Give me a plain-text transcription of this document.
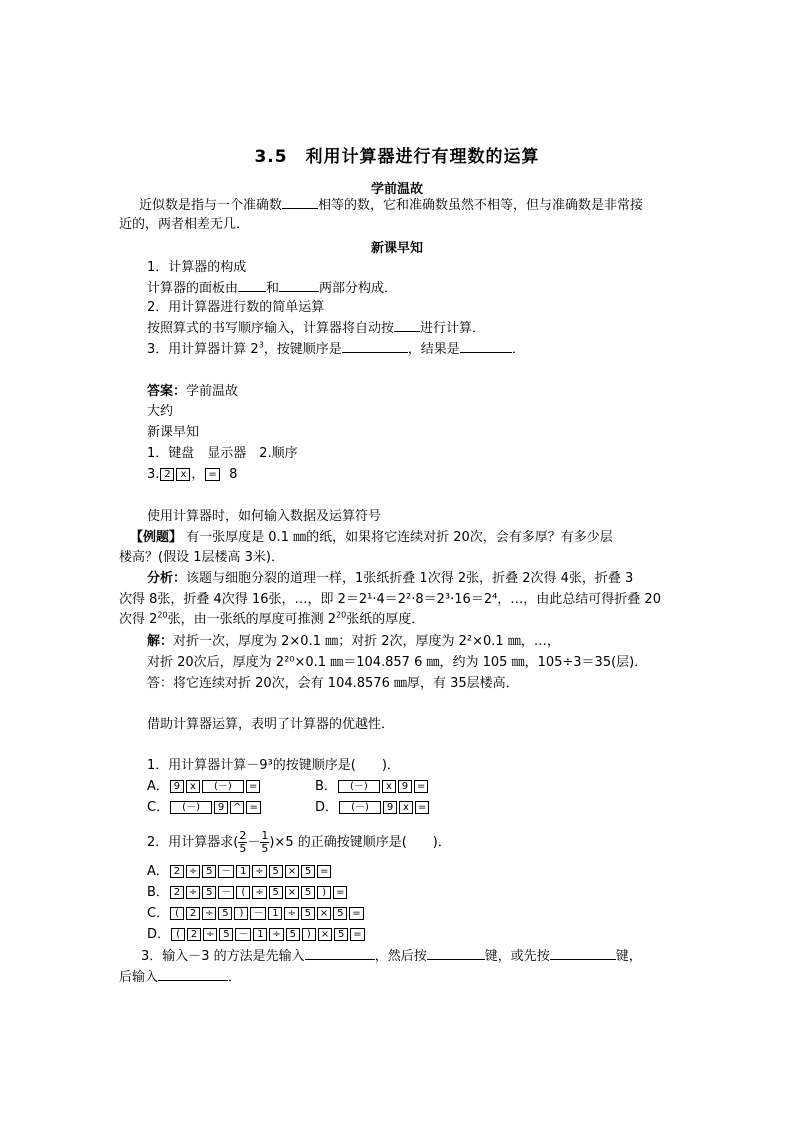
3.5　利用计算器进行有理数的运算
学前温故
近似数是指与一个准确数	相等的数，它和准确数虽然不相等，但与准确数是非常接
近的，两者相差无几．
新课早知
1．计算器的构成
计算器的面板由 和	两部分构成．
2．用计算器进行数的简单运算
按照算式的书写顺序输入，计算器将自动按 进行计算．
3．用计算器计算 $2^3$，按键顺序是	，结果是	．
答案：学前温故
大约
新课早知
1．键盘　显示器　2.顺序
3. 2 x ， = 8
使用计算器时，如何输入数据及运算符号
【例题】 有一张厚度是 0.1 ㎜的纸，如果将它连续对折 20次，会有多厚？有多少层
楼高？(假设 1层楼高 3米)．
分析：该题与细胞分裂的道理一样，1张纸折叠 1次得 2张，折叠 2次得 4张，折叠 3
次得 8张，折叠 4次得 16张，…，即 2＝2¹·4＝2²·8＝2³·16＝2⁴，…，由此总结可得折叠 20
次得 $2^{20}$张，由一张纸的厚度可推测 $2^{20}$张纸的厚度．
解：对折一次，厚度为 2×0.1 ㎜；对折 2次，厚度为 2²×0.1 ㎜，…，
对折 20次后，厚度为 2²⁰×0.1 ㎜＝104.857 6 ㎜，约为 105 ㎜，105÷3＝35(层)．
答：将它连续对折 20次，会有 104.8576 ㎜厚，有 35层楼高．
借助计算器运算，表明了计算器的优越性．
1．用计算器计算－9³的按键顺序是(　　)．
A． 9 x (－) =	B． (－) x 9 =
C． (－) 9 ^ =	D． (－) 9 x =
2．用计算器求( $\frac{2}{5} - \frac{1}{5} )\times 5$ 的正确按键顺序是(　　)．
A． 2 ÷ 5 － 1 ÷ 5 × 5 =
B． 2 ÷ 5 － ( ÷ 5 × 5 ) =
C． ( 2 ÷ 5 ) － 1 ÷ 5 × 5 =
D． ( 2 ÷ 5 － 1 ÷ 5 ) × 5 =
3．输入－3 的方法是先输入	，然后按	键，或先按	键，
后输入	．
